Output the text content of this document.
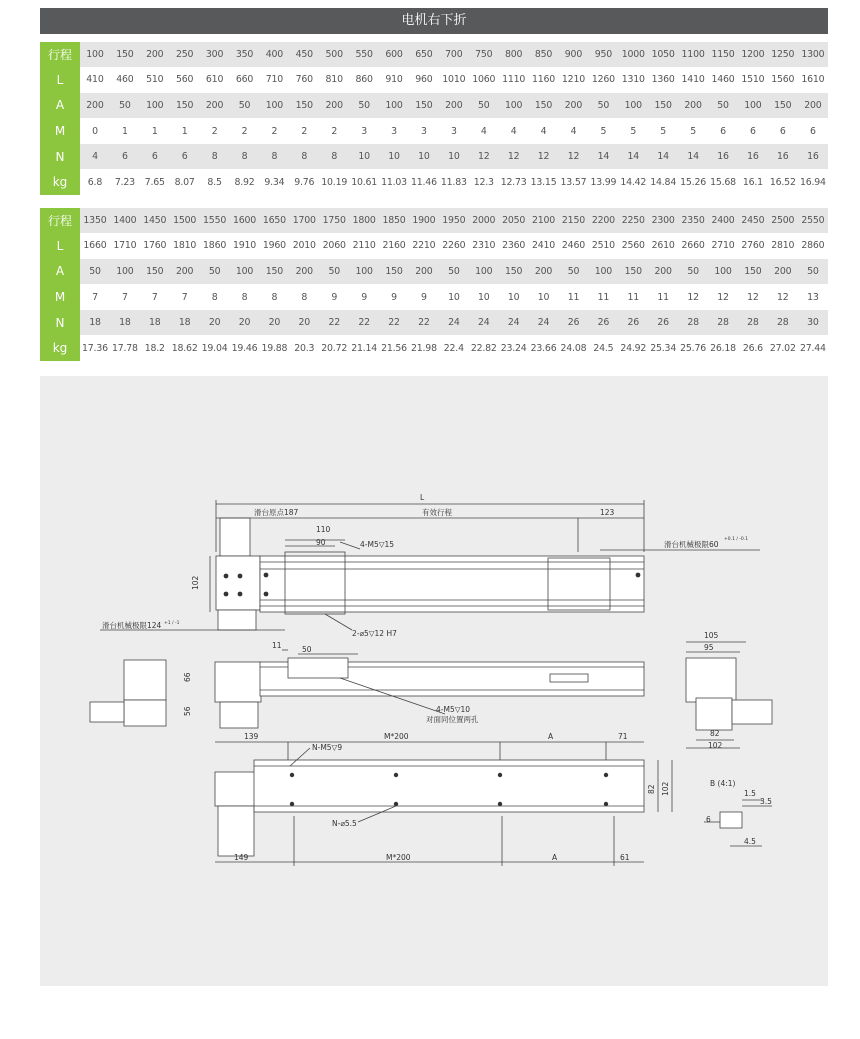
电机右下折
行程	100	150	200	250	300	350	400	450	500	550	600	650	700	750	800	850	900	950	1000	1050	1100	1150	1200	1250	1300
L	410	460	510	560	610	660	710	760	810	860	910	960	1010	1060	1110	1160	1210	1260	1310	1360	1410	1460	1510	1560	1610
A	200	50	100	150	200	50	100	150	200	50	100	150	200	50	100	150	200	50	100	150	200	50	100	150	200
M	0	1	1	1	2	2	2	2	2	3	3	3	3	4	4	4	4	5	5	5	5	6	6	6	6
N	4	6	6	6	8	8	8	8	8	10	10	10	10	12	12	12	12	14	14	14	14	16	16	16	16
kg	6.8	7.23	7.65	8.07	8.5	8.92	9.34	9.76	10.19	10.61	11.03	11.46	11.83	12.3	12.73	13.15	13.57	13.99	14.42	14.84	15.26	15.68	16.1	16.52	16.94
行程	1350	1400	1450	1500	1550	1600	1650	1700	1750	1800	1850	1900	1950	2000	2050	2100	2150	2200	2250	2300	2350	2400	2450	2500	2550
L	1660	1710	1760	1810	1860	1910	1960	2010	2060	2110	2160	2210	2260	2310	2360	2410	2460	2510	2560	2610	2660	2710	2760	2810	2860
A	50	100	150	200	50	100	150	200	50	100	150	200	50	100	150	200	50	100	150	200	50	100	150	200	50
M	7	7	7	7	8	8	8	8	9	9	9	9	10	10	10	10	11	11	11	11	12	12	12	12	13
N	18	18	18	18	20	20	20	20	22	22	22	22	24	24	24	24	26	26	26	26	28	28	28	28	30
kg	17.36	17.78	18.2	18.62	19.04	19.46	19.88	20.3	20.72	21.14	21.56	21.98	22.4	22.82	23.24	23.66	24.08	24.5	24.92	25.34	25.76	26.18	26.6	27.02	27.44
L
滑台原点187	有效行程	123
110
90	4-M5▽15	滑台机械极限60
102
2-⌀5▽12 H7
滑台机械极限124
11	50
66
56	4-M5▽10
对面同位置两孔
105
95
82
102
139	M*200	A	71
N-M5▽9
N-⌀5.5
82 102
149	M*200	A	61
B (4:1)
1.5
3.5
6
4.5
+0.1 / -0.1
+1 / -1
